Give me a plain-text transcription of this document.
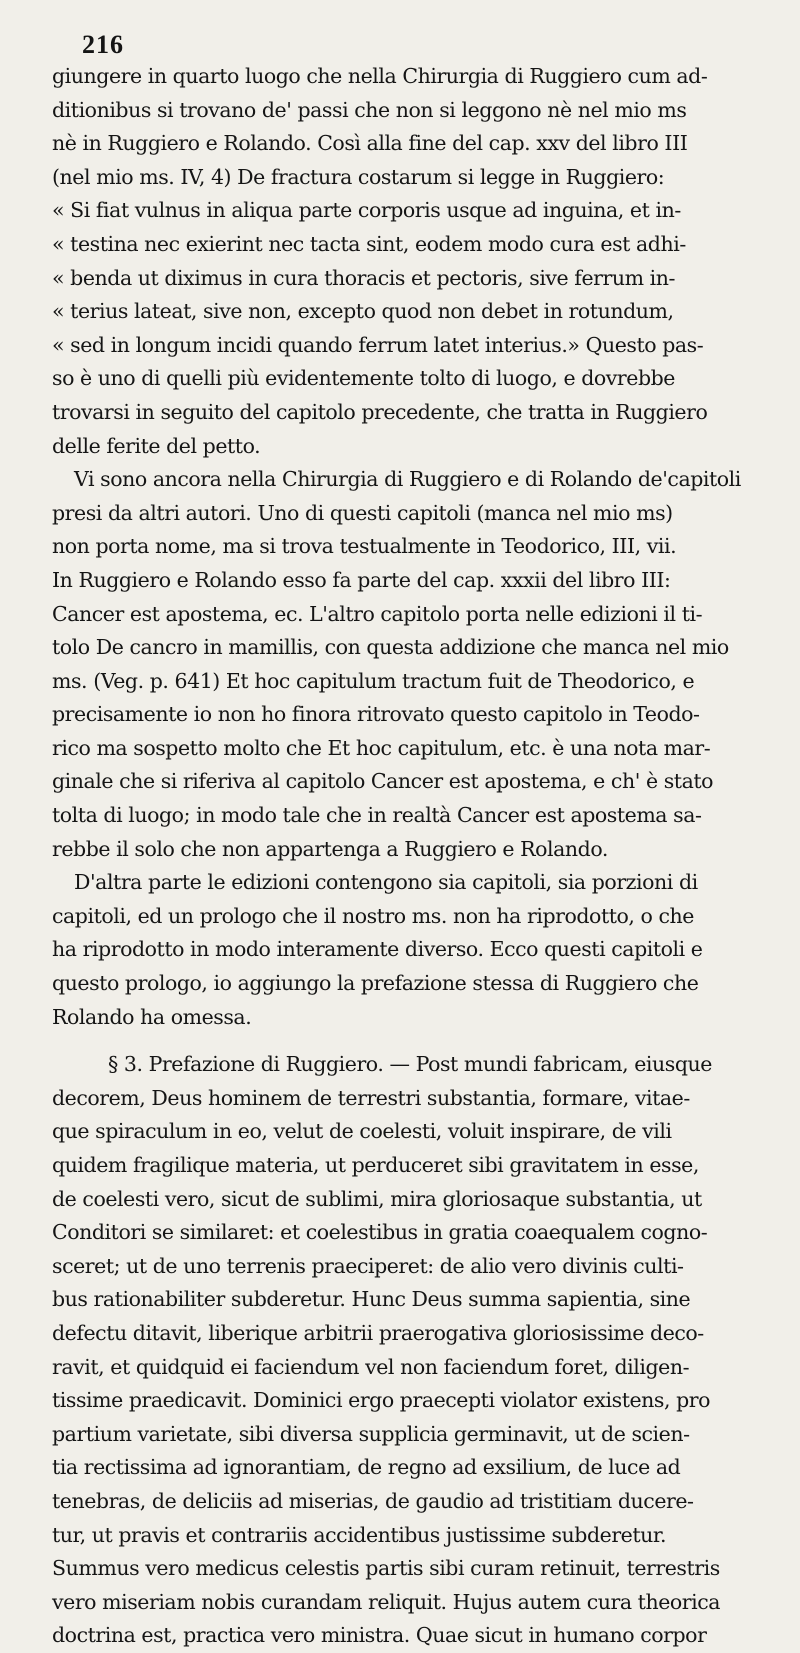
216
giungere in quarto luogo che nella Chirurgia di Ruggiero cum ad-
ditionibus si trovano de' passi che non si leggono nè nel mio ms
nè in Ruggiero e Rolando. Così alla fine del cap. xxv del libro III
(nel mio ms. IV, 4) De fractura costarum si legge in Ruggiero:
« Si fiat vulnus in aliqua parte corporis usque ad inguina, et in-
« testina nec exierint nec tacta sint, eodem modo cura est adhi-
« benda ut diximus in cura thoracis et pectoris, sive ferrum in-
« terius lateat, sive non, excepto quod non debet in rotundum,
« sed in longum incidi quando ferrum latet interius.» Questo pas-
so è uno di quelli più evidentemente tolto di luogo, e dovrebbe
trovarsi in seguito del capitolo precedente, che tratta in Ruggiero
delle ferite del petto.
Vi sono ancora nella Chirurgia di Ruggiero e di Rolando de'capitoli
presi da altri autori. Uno di questi capitoli (manca nel mio ms)
non porta nome, ma si trova testualmente in Teodorico, III, vii.
In Ruggiero e Rolando esso fa parte del cap. xxxii del libro III:
Cancer est apostema, ec. L'altro capitolo porta nelle edizioni il ti-
tolo De cancro in mamillis, con questa addizione che manca nel mio
ms. (Veg. p. 641) Et hoc capitulum tractum fuit de Theodorico, e
precisamente io non ho finora ritrovato questo capitolo in Teodo-
rico ma sospetto molto che Et hoc capitulum, etc. è una nota mar-
ginale che si riferiva al capitolo Cancer est apostema, e ch' è stato
tolta di luogo; in modo tale che in realtà Cancer est apostema sa-
rebbe il solo che non appartenga a Ruggiero e Rolando.
D'altra parte le edizioni contengono sia capitoli, sia porzioni di
capitoli, ed un prologo che il nostro ms. non ha riprodotto, o che
ha riprodotto in modo interamente diverso. Ecco questi capitoli e
questo prologo, io aggiungo la prefazione stessa di Ruggiero che
Rolando ha omessa.
§ 3. Prefazione di Ruggiero. — Post mundi fabricam, eiusque
decorem, Deus hominem de terrestri substantia, formare, vitae-
que spiraculum in eo, velut de coelesti, voluit inspirare, de vili
quidem fragilique materia, ut perduceret sibi gravitatem in esse,
de coelesti vero, sicut de sublimi, mira gloriosaque substantia, ut
Conditori se similaret: et coelestibus in gratia coaequalem cogno-
sceret; ut de uno terrenis praeciperet: de alio vero divinis culti-
bus rationabiliter subderetur. Hunc Deus summa sapientia, sine
defectu ditavit, liberique arbitrii praerogativa gloriosissime deco-
ravit, et quidquid ei faciendum vel non faciendum foret, diligen-
tissime praedicavit. Dominici ergo praecepti violator existens, pro
partium varietate, sibi diversa supplicia germinavit, ut de scien-
tia rectissima ad ignorantiam, de regno ad exsilium, de luce ad
tenebras, de deliciis ad miserias, de gaudio ad tristitiam ducere-
tur, ut pravis et contrariis accidentibus justissime subderetur.
Summus vero medicus celestis partis sibi curam retinuit, terrestris
vero miseriam nobis curandam reliquit. Hujus autem cura theorica
doctrina est, practica vero ministra. Quae sicut in humano corpor
